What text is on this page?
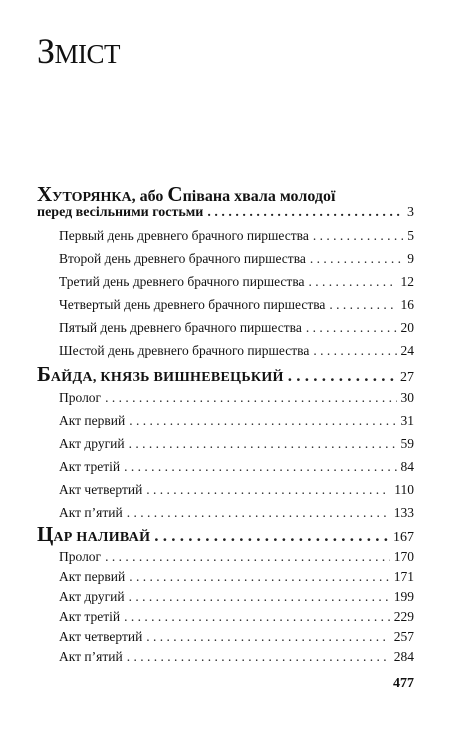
ЗМІСТ
ХУТОРЯНКА, або Співана хвала молодої
перед весільними гостьми . . .	3
Первый день древнего брачного пиршества . . .	5
Второй день древнего брачного пиршества . . .	9
Третий день древнего брачного пиршества . . .	12
Четвертый день древнего брачного пиршества . . .	16
Пятый день древнего брачного пиршества . . .	20
Шестой день древнего брачного пиршества . . .	24
БАЙДА, КНЯЗЬ ВИШНЕВЕЦЬКИЙ . . .	27
Пролог . . .	30
Акт первий . . .	31
Акт другий . . .	59
Акт третій . . .	84
Акт четвертий . . .	110
Акт п’ятий . . .	133
ЦАР НАЛИВАЙ . . .	167
Пролог . . .	170
Акт первий . . .	171
Акт другий . . .	199
Акт третій . . .	229
Акт четвертий . . .	257
Акт п’ятий . . .	284
477
